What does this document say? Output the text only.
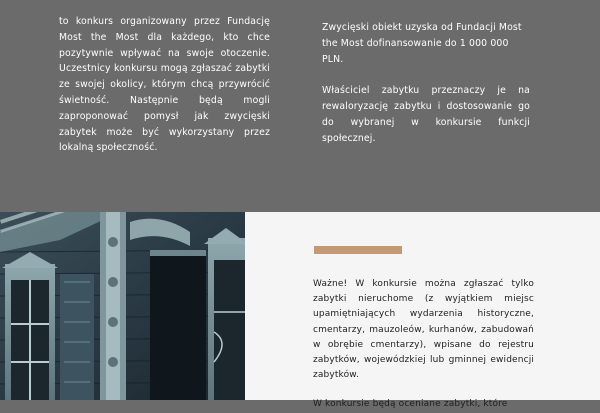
to konkurs organizowany przez Fundację Most the Most dla każdego, kto chce pozytywnie wpływać na swoje otoczenie. Uczestnicy konkursu mogą zgłaszać zabytki ze swojej okolicy, którym chcą przywrócić świetność. Następnie będą mogli zaproponować pomysł jak zwycięski zabytek może być wykorzystany przez lokalną społeczność.

Zwycięski obiekt uzyska od Fundacji Most the Most dofinansowanie do 1 000 000 PLN.

Właściciel zabytku przeznaczy je na rewaloryzację zabytku i dostosowanie go do wybranej w konkursie funkcji społecznej.

Ważne! W konkursie można zgłaszać tylko zabytki nieruchome (z wyjątkiem miejsc upamiętniających wydarzenia historyczne, cmentarzy, mauzoleów, kurhanów, zabudowań w obrębie cmentarzy), wpisane do rejestru zabytków, wojewódzkiej lub gminnej ewidencji zabytków.

W konkursie będą oceniane zabytki, które
